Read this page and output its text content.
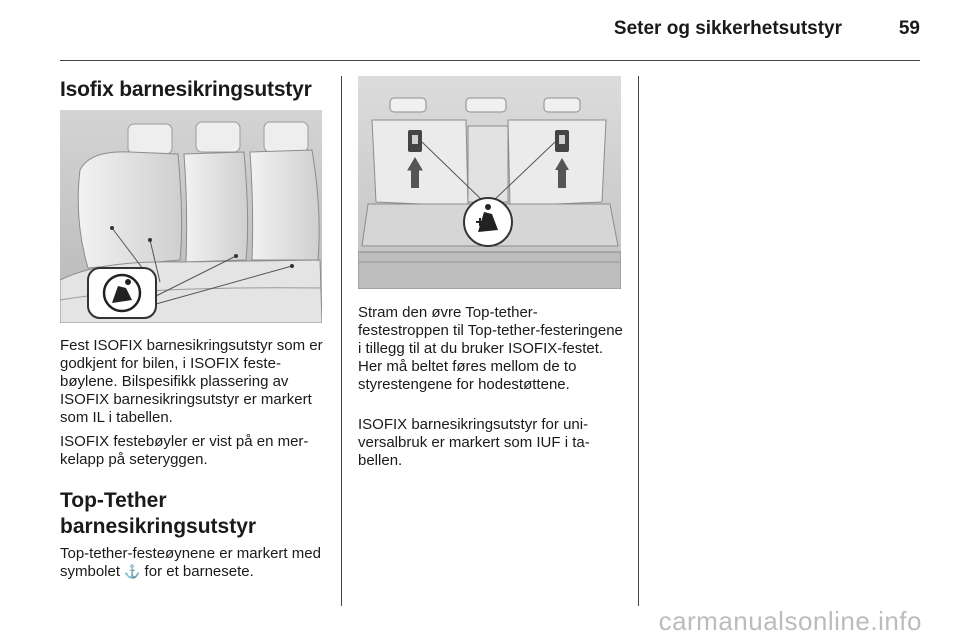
Seter og sikkerhetsutstyr	59
Isofix barnesikringsutstyr

Fest ISOFIX barnesikringsutstyr som er godkjent for bilen, i ISOFIX festebøylene. Bilspesifikk plassering av ISOFIX barnesikringsutstyr er markert som IL i tabellen.

ISOFIX festebøyler er vist på en merkelapp på seteryggen.

Top-Tether barnesikringsutstyr

Top-tether-festeøynene er markert med symbolet ⚓ for et barnesete.

Stram den øvre Top-tether-festestroppen til Top-tether-festeringene i tillegg til at du bruker ISOFIX-festet. Her må beltet føres mellom de to styrestengene for hodestøttene.

ISOFIX barnesikringsutstyr for universalbruk er markert som IUF i tabellen.

carmanualsonline.info
